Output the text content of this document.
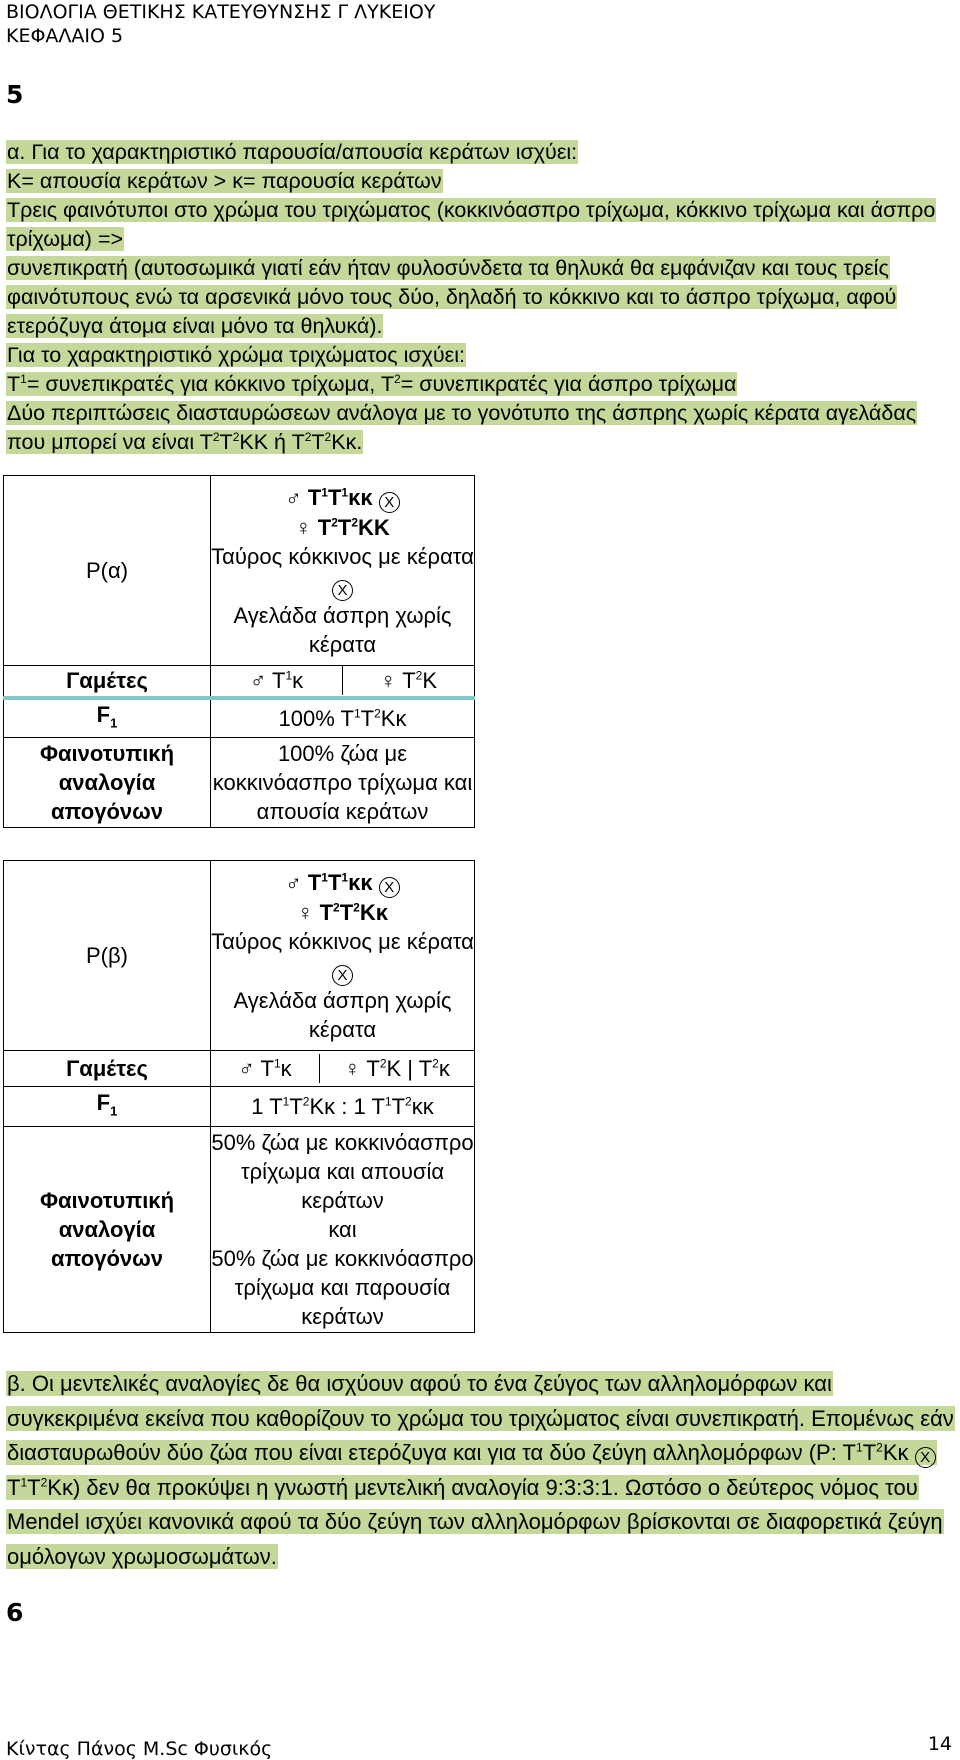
ΒΙΟΛΟΓΙΑ ΘΕΤΙΚΗΣ ΚΑΤΕΥΘΥΝΣΗΣ Γ ΛΥΚΕΙΟΥ
ΚΕΦΑΛΑΙΟ 5
5
α. Για το χαρακτηριστικό παρουσία/απουσία κεράτων ισχύει:
Κ= απουσία κεράτων > κ= παρουσία κεράτων
Τρεις φαινότυποι στο χρώμα του τριχώματος (κοκκινόασπρο τρίχωμα, κόκκινο τρίχωμα και άσπρο τρίχωμα) =>
συνεπικρατή (αυτοσωμικά γιατί εάν ήταν φυλοσύνδετα τα θηλυκά θα εμφάνιζαν και τους τρείς φαινότυπους ενώ τα αρσενικά μόνο τους δύο, δηλαδή το κόκκινο και το άσπρο τρίχωμα, αφού ετερόζυγα άτομα είναι μόνο τα θηλυκά).
Για το χαρακτηριστικό χρώμα τριχώματος ισχύει:
$T^1= \sigma\upsilon\nu\varepsilon\pi\iota\kappa\rho\alpha\tau έ\varsigma$ για κόκκινο τρίχωμα, $T^2= \sigma\upsilon\nu\varepsilon\pi\iota\kappa\rho\alpha\tau έ\varsigma$ για άσπρο τρίχωμα
Δύο περιπτώσεις διασταυρώσεων ανάλογα με το γονότυπο της άσπρης χωρίς κέρατα αγελάδας που μπορεί να είναι $T^2T^2KK$ ή $T^2T^2K\kappa$.
Ρ(α)	♂ $T^1T^1\kappa\kappa$ X
♀ $T^2T^2KK$
Ταύρος κόκκινος με κέρατα X
Αγελάδα άσπρη χωρίς κέρατα

Γαμέτες	♂ $T^1\kappa$ ♀ $T^2K$

$F_1$	100% $T^1T^2K\kappa$
Φαινοτυπική αναλογία απογόνων	100% ζώα με κοκκινόασπρο τρίχωμα και απουσία κεράτων
Ρ(β)	♂ $T^1T^1\kappa\kappa$ X
♀ $T^2T^2K\kappa$
Ταύρος κόκκινος με κέρατα X
Αγελάδα άσπρη χωρίς κέρατα

Γαμέτες	♂ $T^1\kappa$ ♀ $T^2K$ | $T^2\kappa$

$F_1$	1 $T^1T^2K\kappa$ : 1 $T^1T^2\kappa\kappa$
Φαινοτυπική αναλογία απογόνων	50% ζώα με κοκκινόασπρο τρίχωμα και απουσία κεράτων
και
50% ζώα με κοκκινόασπρο τρίχωμα και παρουσία κεράτων
β. Οι μεντελικές αναλογίες δε θα ισχύουν αφού το ένα ζεύγος των αλληλομόρφων και συγκεκριμένα εκείνα που καθορίζουν το χρώμα του τριχώματος είναι συνεπικρατή. Επομένως εάν διασταυρωθούν δύο ζώα που είναι ετερόζυγα και για τα δύο ζεύγη αλληλομόρφων (Ρ: $T^1T^2K\kappa$ X $T^1T^2K\kappa$) δεν θα προκύψει η γνωστή μεντελική αναλογία 9:3:3:1. Ωστόσο ο δεύτερος νόμος του Mendel ισχύει κανονικά αφού τα δύο ζεύγη των αλληλομόρφων βρίσκονται σε διαφορετικά ζεύγη ομόλογων χρωμοσωμάτων.
6
14
Κίντας Πάνος Μ.Sc Φυσικός
